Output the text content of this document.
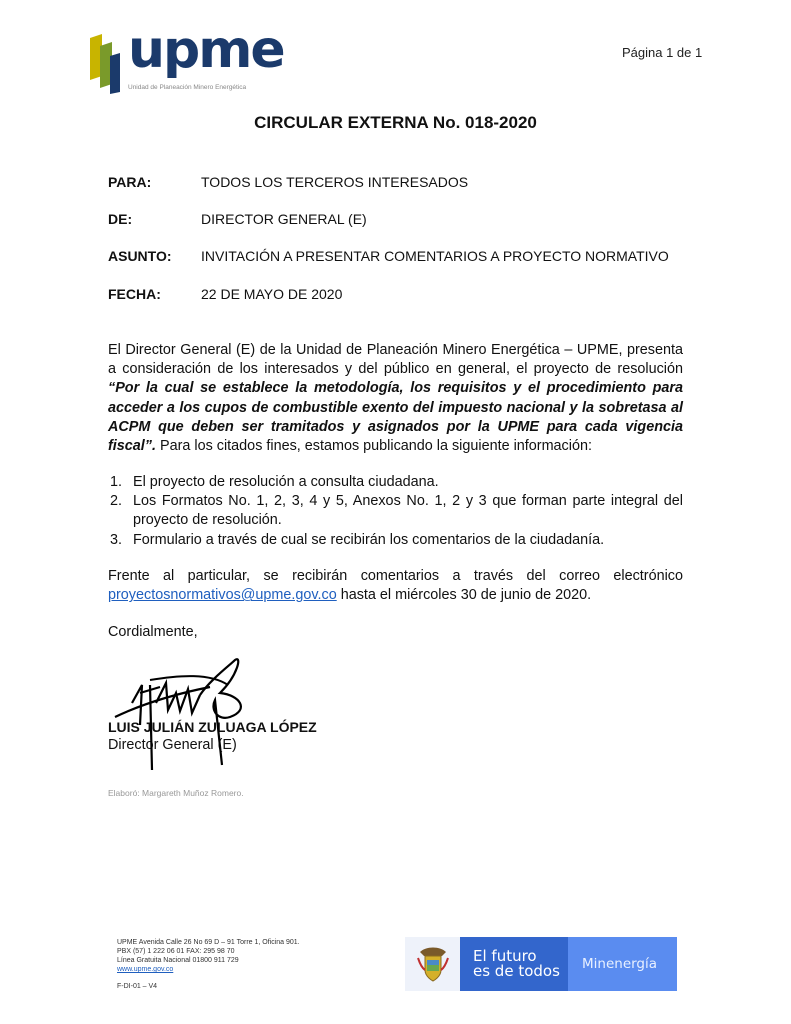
upme
Unidad de Planeación Minero Energética
Página 1 de 1
CIRCULAR EXTERNA No. 018-2020
PARA:	TODOS LOS TERCEROS INTERESADOS
DE:	DIRECTOR GENERAL (E)
ASUNTO: INVITACIÓN A PRESENTAR COMENTARIOS A PROYECTO NORMATIVO
FECHA:	22 DE MAYO DE 2020
El Director General (E) de la Unidad de Planeación Minero Energética – UPME, presenta a consideración de los interesados y del público en general, el proyecto de resolución “Por la cual se establece la metodología, los requisitos y el procedimiento para acceder a los cupos de combustible exento del impuesto nacional y la sobretasa al ACPM que deben ser tramitados y asignados por la UPME para cada vigencia fiscal”. Para los citados fines, estamos publicando la siguiente información:
1. El proyecto de resolución a consulta ciudadana.
2. Los Formatos No. 1, 2, 3, 4 y 5, Anexos No. 1, 2 y 3 que forman parte integral del proyecto de resolución.
3. Formulario a través de cual se recibirán los comentarios de la ciudadanía.
Frente al particular, se recibirán comentarios a través del correo electrónico proyectosnormativos@upme.gov.co hasta el miércoles 30 de junio de 2020.
Cordialmente,
LUIS JULIÁN ZULUAGA LÓPEZ
Director General (E)
Elaboró: Margareth Muñoz Romero.
UPME Avenida Calle 26 No 69 D – 91 Torre 1, Oficina 901.
PBX (57) 1 222 06 01 FAX: 295 98 70
Línea Gratuita Nacional 01800 911 729
www.upme.gov.co
F-DI-01 – V4
El futuro
es de todos	Minenergía
